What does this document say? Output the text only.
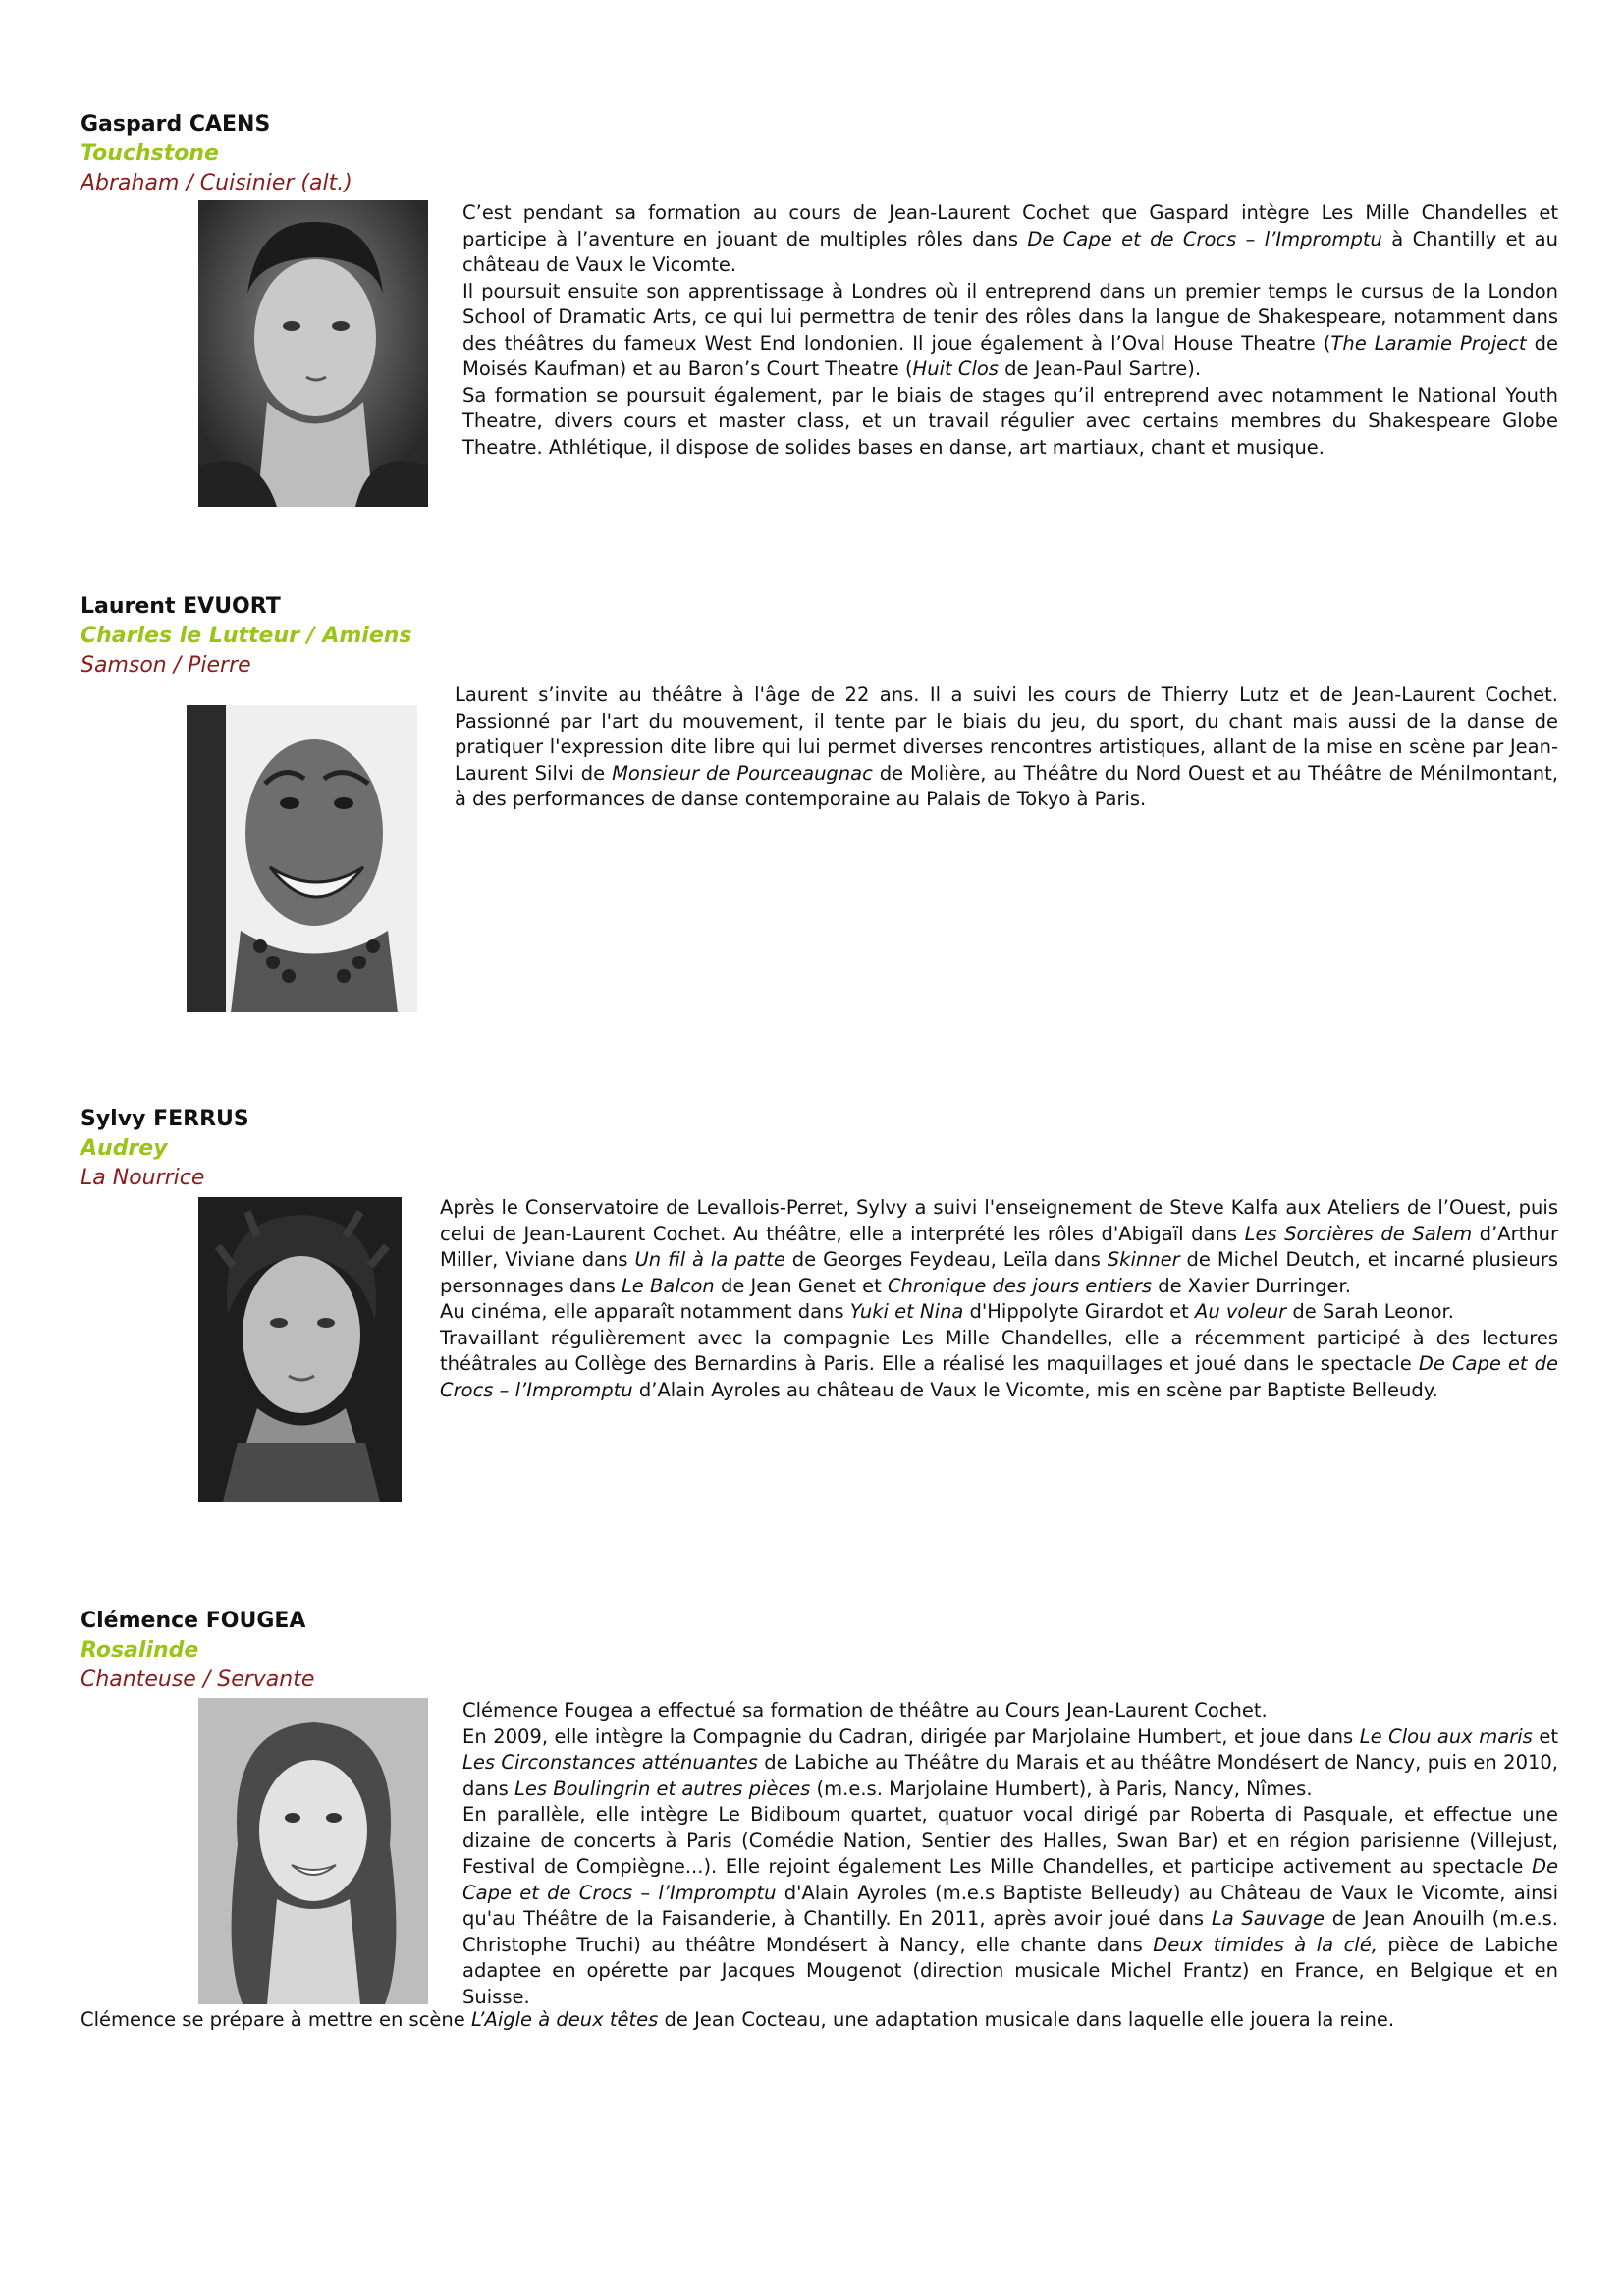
Gaspard CAENS
Touchstone
Abraham / Cuisinier (alt.)

C’est pendant sa formation au cours de Jean-Laurent Cochet que Gaspard intègre Les Mille Chandelles et participe à l’aventure en jouant de multiples rôles dans De Cape et de Crocs – l’Impromptu à Chantilly et au château de Vaux le Vicomte.

Il poursuit ensuite son apprentissage à Londres où il entreprend dans un premier temps le cursus de la London School of Dramatic Arts, ce qui lui permettra de tenir des rôles dans la langue de Shakespeare, notamment dans des théâtres du fameux West End londonien. Il joue également à l’Oval House Theatre (The Laramie Project de Moisés Kaufman) et au Baron’s Court Theatre (Huit Clos de Jean-Paul Sartre).

Sa formation se poursuit également, par le biais de stages qu’il entreprend avec notamment le National Youth Theatre, divers cours et master class, et un travail régulier avec certains membres du Shakespeare Globe Theatre. Athlétique, il dispose de solides bases en danse, art martiaux, chant et musique.

Laurent EVUORT
Charles le Lutteur / Amiens
Samson / Pierre

Laurent s’invite au théâtre à l'âge de 22 ans. Il a suivi les cours de Thierry Lutz et de Jean-Laurent Cochet. Passionné par l'art du mouvement, il tente par le biais du jeu, du sport, du chant mais aussi de la danse de pratiquer l'expression dite libre qui lui permet diverses rencontres artistiques, allant de la mise en scène par Jean-Laurent Silvi de Monsieur de Pourceaugnac de Molière, au Théâtre du Nord Ouest et au Théâtre de Ménilmontant, à des performances de danse contemporaine au Palais de Tokyo à Paris.

Sylvy FERRUS
Audrey
La Nourrice

Après le Conservatoire de Levallois-Perret, Sylvy a suivi l'enseignement de Steve Kalfa aux Ateliers de l’Ouest, puis celui de Jean-Laurent Cochet. Au théâtre, elle a interprété les rôles d'Abigaïl dans Les Sorcières de Salem d’Arthur Miller, Viviane dans Un fil à la patte de Georges Feydeau, Leïla dans Skinner de Michel Deutch, et incarné plusieurs personnages dans Le Balcon de Jean Genet et Chronique des jours entiers de Xavier Durringer.

Au cinéma, elle apparaît notamment dans Yuki et Nina d'Hippolyte Girardot et Au voleur de Sarah Leonor.

Travaillant régulièrement avec la compagnie Les Mille Chandelles, elle a récemment participé à des lectures théâtrales au Collège des Bernardins à Paris. Elle a réalisé les maquillages et joué dans le spectacle De Cape et de Crocs – l’Impromptu d’Alain Ayroles au château de Vaux le Vicomte, mis en scène par Baptiste Belleudy.

Clémence FOUGEA
Rosalinde
Chanteuse / Servante

Clémence Fougea a effectué sa formation de théâtre au Cours Jean-Laurent Cochet.

En 2009, elle intègre la Compagnie du Cadran, dirigée par Marjolaine Humbert, et joue dans Le Clou aux maris et Les Circonstances atténuantes de Labiche au Théâtre du Marais et au théâtre Mondésert de Nancy, puis en 2010, dans Les Boulingrin et autres pièces (m.e.s. Marjolaine Humbert), à Paris, Nancy, Nîmes.

En parallèle, elle intègre Le Bidiboum quartet, quatuor vocal dirigé par Roberta di Pasquale, et effectue une dizaine de concerts à Paris (Comédie Nation, Sentier des Halles, Swan Bar) et en région parisienne (Villejust, Festival de Compiègne...). Elle rejoint également Les Mille Chandelles, et participe activement au spectacle De Cape et de Crocs – l’Impromptu d'Alain Ayroles (m.e.s Baptiste Belleudy) au Château de Vaux le Vicomte, ainsi qu'au Théâtre de la Faisanderie, à Chantilly. En 2011, après avoir joué dans La Sauvage de Jean Anouilh (m.e.s. Christophe Truchi) au théâtre Mondésert à Nancy, elle chante dans Deux timides à la clé, pièce de Labiche adaptee en opérette par Jacques Mougenot (direction musicale Michel Frantz) en France, en Belgique et en Suisse.

Clémence se prépare à mettre en scène L’Aigle à deux têtes de Jean Cocteau, une adaptation musicale dans laquelle elle jouera la reine.
